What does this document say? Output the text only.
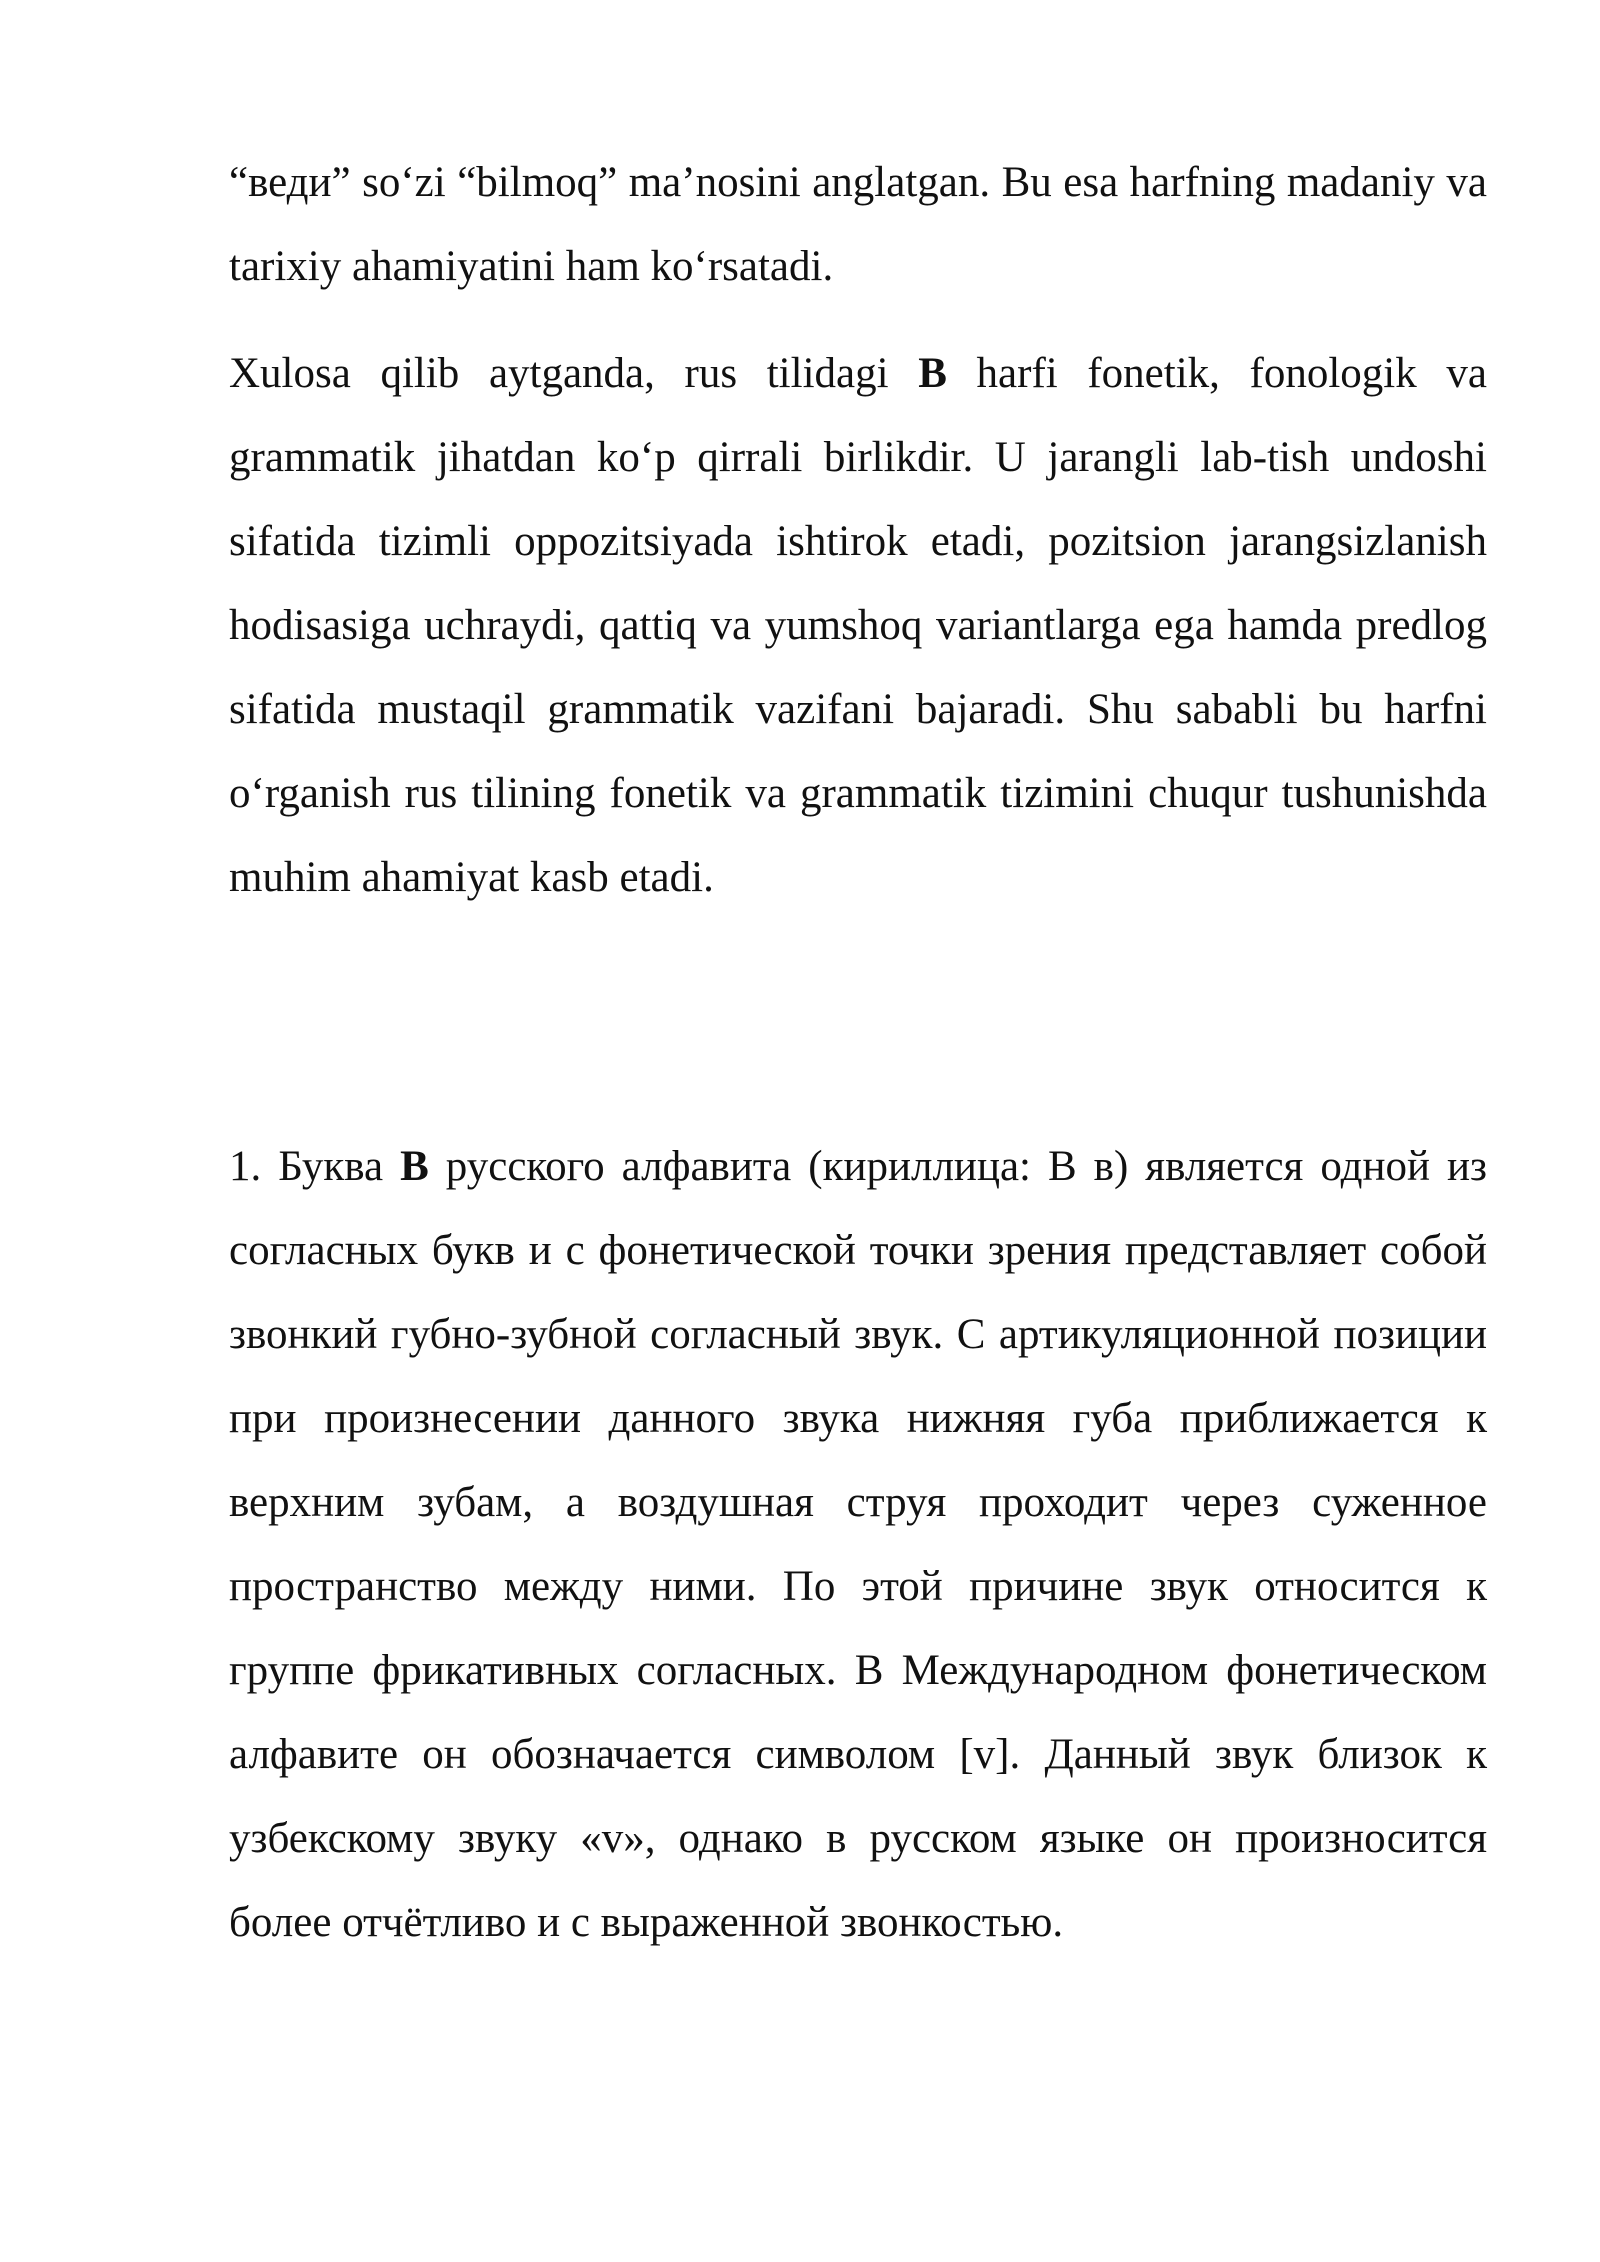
“веди” so‘zi “bilmoq” ma’nosini anglatgan. Bu esa harfning madaniy va tarixiy ahamiyatini ham ko‘rsatadi.

Xulosa qilib aytganda, rus tilidagi В harfi fonetik, fonologik va grammatik jihatdan ko‘p qirrali birlikdir. U jarangli lab-tish undoshi sifatida tizimli oppozitsiyada ishtirok etadi, pozitsion jarangsizlanish hodisasiga uchraydi, qattiq va yumshoq variantlarga ega hamda predlog sifatida mustaqil grammatik vazifani bajaradi. Shu sababli bu harfni o‘rganish rus tilining fonetik va grammatik tizimini chuqur tushunishda muhim ahamiyat kasb etadi.

1. Буква В русского алфавита (кириллица: В в) является одной из согласных букв и с фонетической точки зрения представляет собой звонкий губно-зубной согласный звук. С артикуляционной позиции при произнесении данного звука нижняя губа приближается к верхним зубам, а воздушная струя проходит через суженное пространство между ними. По этой причине звук относится к группе фрикативных согласных. В Международном фонетическом алфавите он обозначается символом [v]. Данный звук близок к узбекскому звуку «v», однако в русском языке он произносится более отчётливо и с выраженной звонкостью.
